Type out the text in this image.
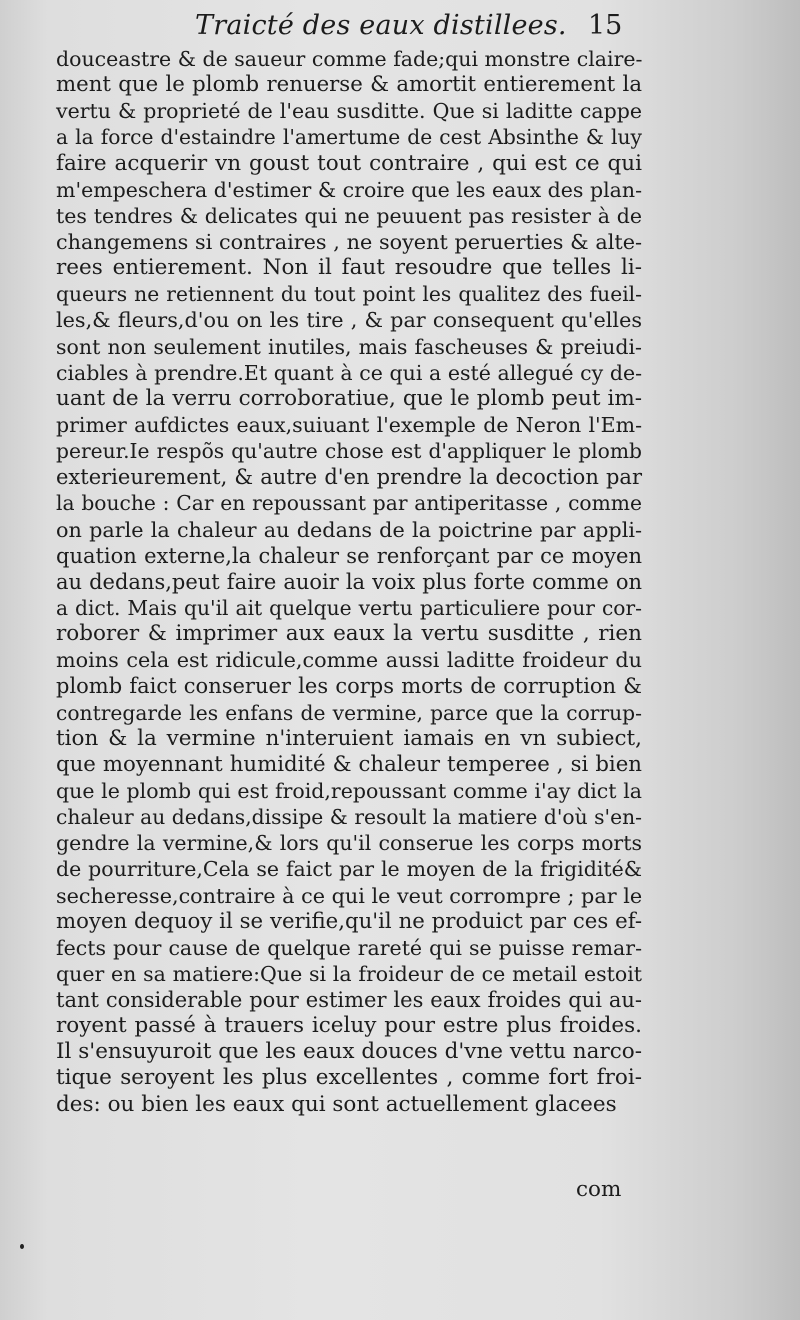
Traicté des eaux distillees. 15
douceastre & de saueur comme fade;qui monstre claire-
ment que le plomb renuerse & amortit entierement la
vertu & proprieté de l'eau susditte. Que si ladittе cappe
a la force d'estaindre l'amertume de cest Absinthe & luy
faire acquerir vn goust tout contraire , qui est ce qui
m'empeschera d'estimer & croire que les eaux des plan-
tes tendres & delicates qui ne peuuent pas resister à de
changemens si contraires , ne soyent peruerties & alte-
rees entierement. Non il faut resoudre que telles li-
queurs ne retiennent du tout point les qualitez des fueil-
les,& fleurs,d'ou on les tire , & par consequent qu'elles
sont non seulement inutiles, mais fascheuses & preiudi-
ciables à prendre.Et quant à ce qui a esté allegué cy de-
uant de la verru corroboratiue, que le plomb peut im-
primer aufdictes eaux,suiuant l'exemple de Neron l'Em-
pereur.Ie respõs qu'autre chose est d'appliquer le plomb
exterieurement, & autre d'en prendre la decoction par
la bouche : Car en repoussant par antiperitasse , comme
on parle la chaleur au dedans de la poictrine par appli-
quation externe,la chaleur se renforçant par ce moyen
au dedans,peut faire auoir la voix plus forte comme on
a dict. Mais qu'il ait quelque vertu particuliere pour cor-
roborer & imprimer aux eaux la vertu susditte , rien
moins cela est ridicule,comme aussi ladittе froideur du
plomb faict conseruer les corps morts de corruption &
contregarde les enfans de vermine, parce que la corrup-
tion & la vermine n'interuient iamais en vn subiect,
que moyennant humidité & chaleur temperee , si bien
que le plomb qui est froid,repoussant comme i'ay dict la
chaleur au dedans,dissipe & resoult la matiere d'où s'en-
gendre la vermine,& lors qu'il conserue les corps morts
de pourriture,Cela se faict par le moyen de la frigidité&
secheresse,contraire à ce qui le veut corrompre ; par le
moyen dequoy il se verifie,qu'il ne produict par ces ef-
fects pour cause de quelque rareté qui se puisse remar-
quer en sa matiere:Que si la froideur de ce metail estoit
tant considerable pour estimer les eaux froides qui au-
royent passé à trauers iceluy pour estre plus froides.
Il s'ensuyuroit que les eaux douces d'vne vettu narco-
tique seroyent les plus excellentes , comme fort froi-
des: ou bien les eaux qui sont actuellement glacees
com
